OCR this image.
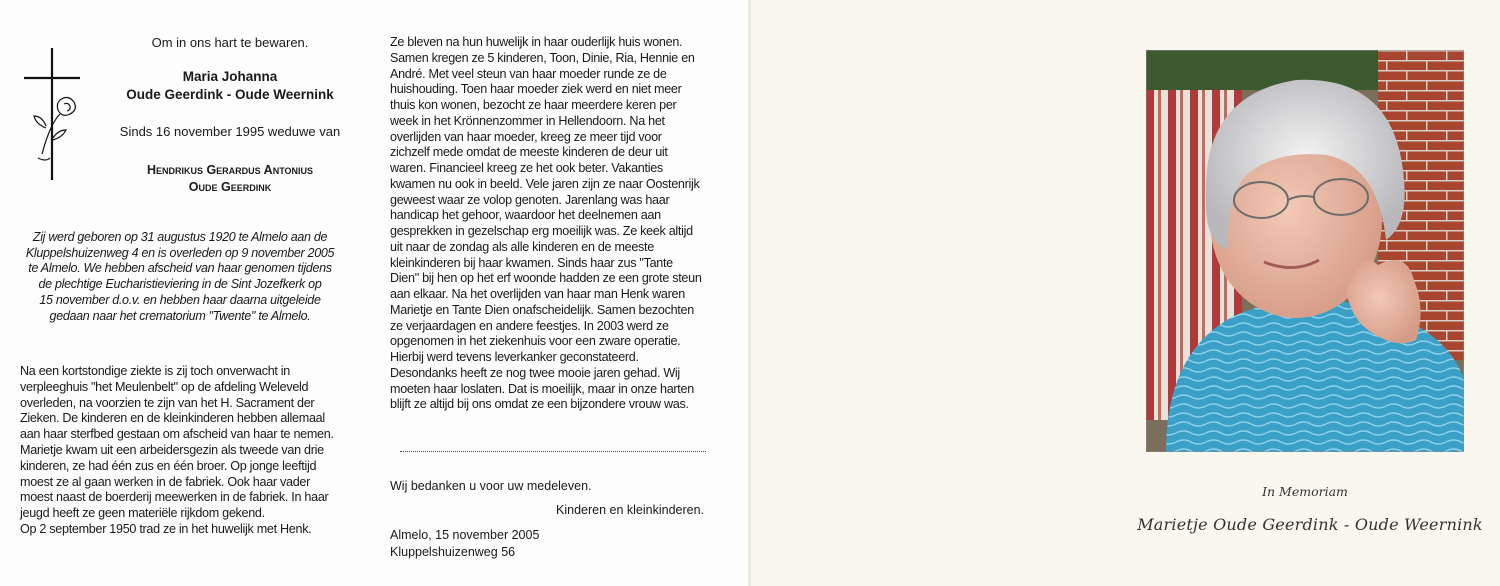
Om in ons hart te bewaren.
Maria Johanna
Oude Geerdink - Oude Weernink
Sinds 16 november 1995 weduwe van
Hendrikus Gerardus Antonius
Oude Geerdink
Zij werd geboren op 31 augustus 1920 te Almelo aan de
Kluppelshuizenweg 4 en is overleden op 9 november 2005
te Almelo. We hebben afscheid van haar genomen tijdens
de plechtige Eucharistieviering in de Sint Jozefkerk op
15 november d.o.v. en hebben haar daarna uitgeleide
gedaan naar het crematorium "Twente" te Almelo.
Na een kortstondige ziekte is zij toch onverwacht in
verpleeghuis "het Meulenbelt" op de afdeling Weleveld
overleden, na voorzien te zijn van het H. Sacrament der
Zieken. De kinderen en de kleinkinderen hebben allemaal
aan haar sterfbed gestaan om afscheid van haar te nemen.
Marietje kwam uit een arbeidersgezin als tweede van drie
kinderen, ze had één zus en één broer. Op jonge leeftijd
moest ze al gaan werken in de fabriek. Ook haar vader
moest naast de boerderij meewerken in de fabriek. In haar
jeugd heeft ze geen materiële rijkdom gekend.
Op 2 september 1950 trad ze in het huwelijk met Henk.
Ze bleven na hun huwelijk in haar ouderlijk huis wonen.
Samen kregen ze 5 kinderen, Toon, Dinie, Ria, Hennie en
André. Met veel steun van haar moeder runde ze de
huishouding. Toen haar moeder ziek werd en niet meer
thuis kon wonen, bezocht ze haar meerdere keren per
week in het Krönnenzommer in Hellendoorn. Na het
overlijden van haar moeder, kreeg ze meer tijd voor
zichzelf mede omdat de meeste kinderen de deur uit
waren. Financieel kreeg ze het ook beter. Vakanties
kwamen nu ook in beeld. Vele jaren zijn ze naar Oostenrijk
geweest waar ze volop genoten. Jarenlang was haar
handicap het gehoor, waardoor het deelnemen aan
gesprekken in gezelschap erg moeilijk was. Ze keek altijd
uit naar de zondag als alle kinderen en de meeste
kleinkinderen bij haar kwamen. Sinds haar zus "Tante
Dien" bij hen op het erf woonde hadden ze een grote steun
aan elkaar. Na het overlijden van haar man Henk waren
Marietje en Tante Dien onafscheidelijk. Samen bezochten
ze verjaardagen en andere feestjes. In 2003 werd ze
opgenomen in het ziekenhuis voor een zware operatie.
Hierbij werd tevens leverkanker geconstateerd.
Desondanks heeft ze nog twee mooie jaren gehad. Wij
moeten haar loslaten. Dat is moeilijk, maar in onze harten
blijft ze altijd bij ons omdat ze een bijzondere vrouw was.
Wij bedanken u voor uw medeleven.
Kinderen en kleinkinderen.
Almelo, 15 november 2005
Kluppelshuizenweg 56
In Memoriam
Marietje Oude Geerdink - Oude Weernink
